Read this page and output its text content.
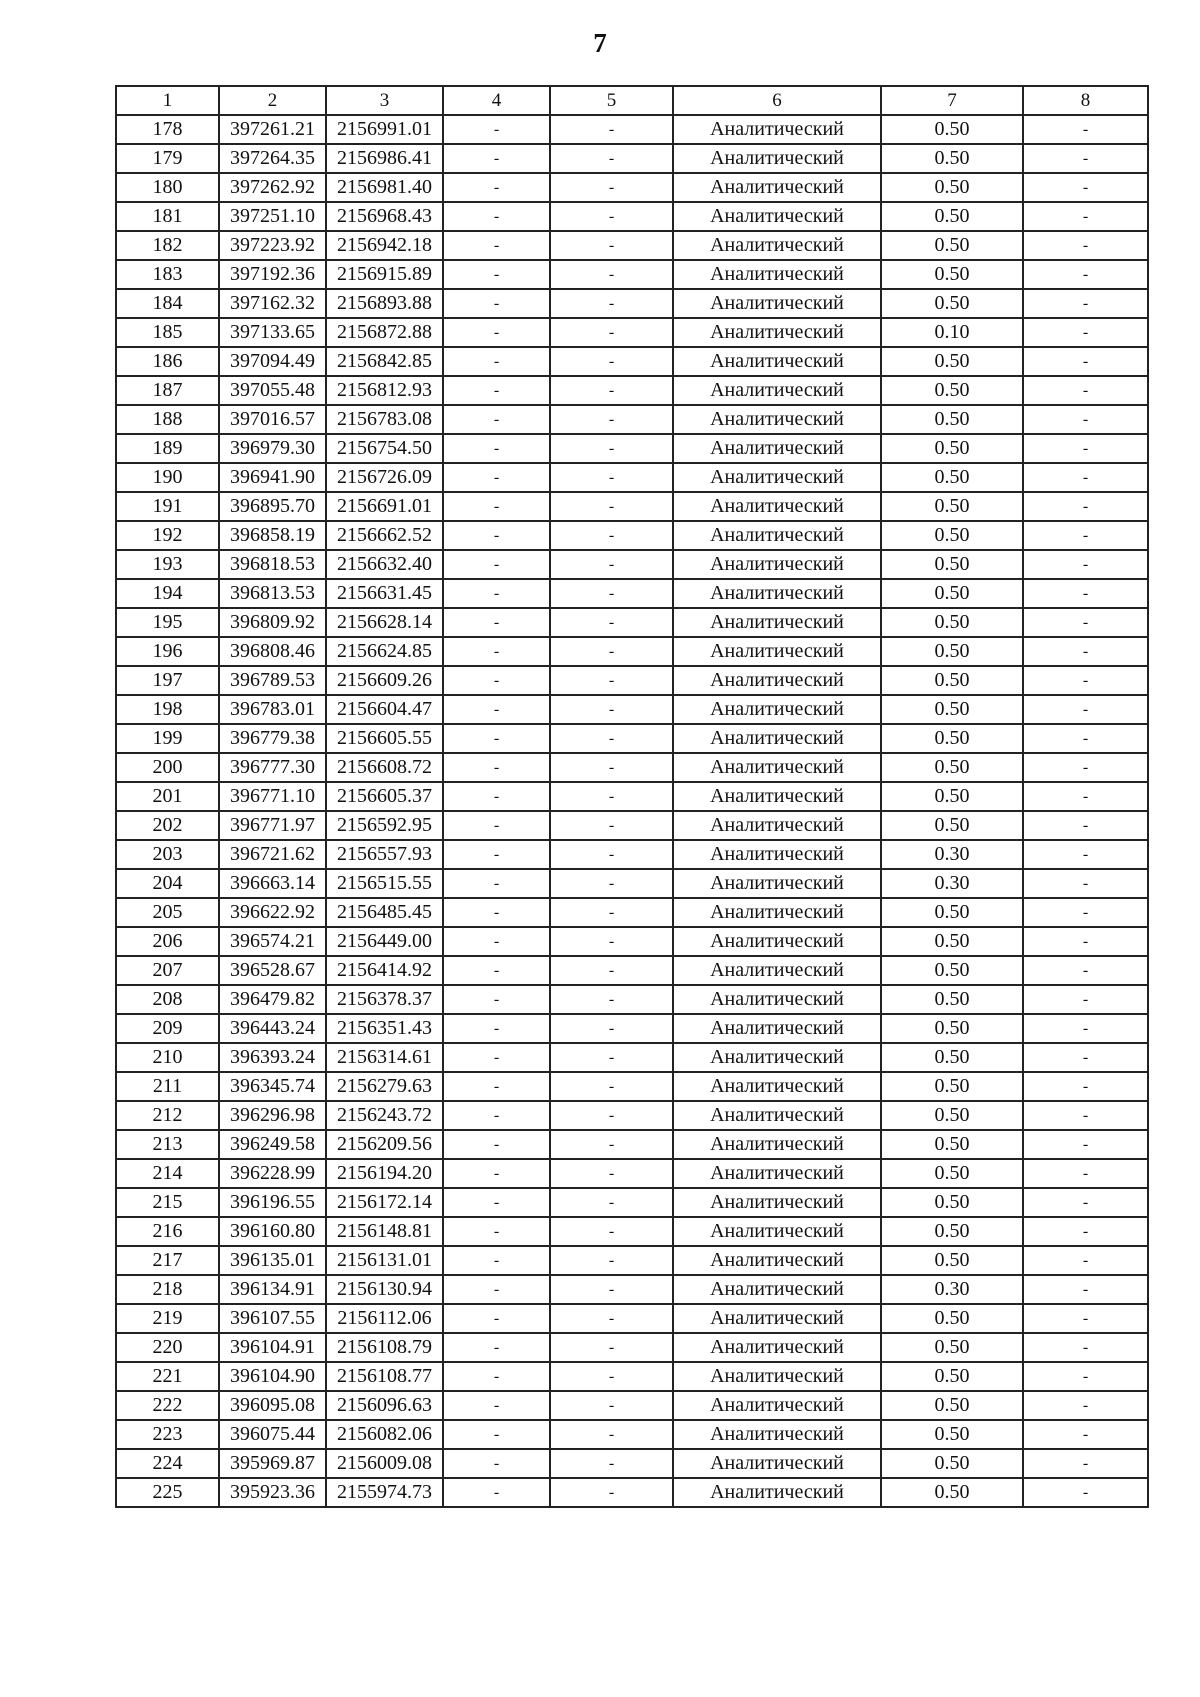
7
1	2	3	4	5	6	7	8
178	397261.21	2156991.01	-	-	Аналитический	0.50	-
179	397264.35	2156986.41	-	-	Аналитический	0.50	-
180	397262.92	2156981.40	-	-	Аналитический	0.50	-
181	397251.10	2156968.43	-	-	Аналитический	0.50	-
182	397223.92	2156942.18	-	-	Аналитический	0.50	-
183	397192.36	2156915.89	-	-	Аналитический	0.50	-
184	397162.32	2156893.88	-	-	Аналитический	0.50	-
185	397133.65	2156872.88	-	-	Аналитический	0.10	-
186	397094.49	2156842.85	-	-	Аналитический	0.50	-
187	397055.48	2156812.93	-	-	Аналитический	0.50	-
188	397016.57	2156783.08	-	-	Аналитический	0.50	-
189	396979.30	2156754.50	-	-	Аналитический	0.50	-
190	396941.90	2156726.09	-	-	Аналитический	0.50	-
191	396895.70	2156691.01	-	-	Аналитический	0.50	-
192	396858.19	2156662.52	-	-	Аналитический	0.50	-
193	396818.53	2156632.40	-	-	Аналитический	0.50	-
194	396813.53	2156631.45	-	-	Аналитический	0.50	-
195	396809.92	2156628.14	-	-	Аналитический	0.50	-
196	396808.46	2156624.85	-	-	Аналитический	0.50	-
197	396789.53	2156609.26	-	-	Аналитический	0.50	-
198	396783.01	2156604.47	-	-	Аналитический	0.50	-
199	396779.38	2156605.55	-	-	Аналитический	0.50	-
200	396777.30	2156608.72	-	-	Аналитический	0.50	-
201	396771.10	2156605.37	-	-	Аналитический	0.50	-
202	396771.97	2156592.95	-	-	Аналитический	0.50	-
203	396721.62	2156557.93	-	-	Аналитический	0.30	-
204	396663.14	2156515.55	-	-	Аналитический	0.30	-
205	396622.92	2156485.45	-	-	Аналитический	0.50	-
206	396574.21	2156449.00	-	-	Аналитический	0.50	-
207	396528.67	2156414.92	-	-	Аналитический	0.50	-
208	396479.82	2156378.37	-	-	Аналитический	0.50	-
209	396443.24	2156351.43	-	-	Аналитический	0.50	-
210	396393.24	2156314.61	-	-	Аналитический	0.50	-
211	396345.74	2156279.63	-	-	Аналитический	0.50	-
212	396296.98	2156243.72	-	-	Аналитический	0.50	-
213	396249.58	2156209.56	-	-	Аналитический	0.50	-
214	396228.99	2156194.20	-	-	Аналитический	0.50	-
215	396196.55	2156172.14	-	-	Аналитический	0.50	-
216	396160.80	2156148.81	-	-	Аналитический	0.50	-
217	396135.01	2156131.01	-	-	Аналитический	0.50	-
218	396134.91	2156130.94	-	-	Аналитический	0.30	-
219	396107.55	2156112.06	-	-	Аналитический	0.50	-
220	396104.91	2156108.79	-	-	Аналитический	0.50	-
221	396104.90	2156108.77	-	-	Аналитический	0.50	-
222	396095.08	2156096.63	-	-	Аналитический	0.50	-
223	396075.44	2156082.06	-	-	Аналитический	0.50	-
224	395969.87	2156009.08	-	-	Аналитический	0.50	-
225	395923.36	2155974.73	-	-	Аналитический	0.50	-
